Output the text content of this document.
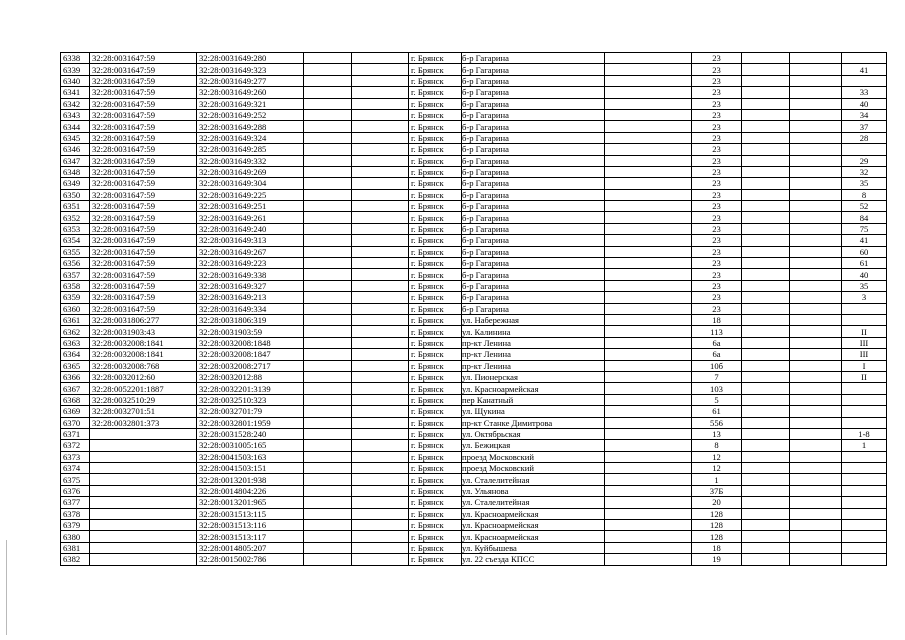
6338	32:28:0031647:59	32:28:0031649:280			г. Брянск	б-р Гагарина		23			
6339	32:28:0031647:59	32:28:0031649:323			г. Брянск	б-р Гагарина		23			41
6340	32:28:0031647:59	32:28:0031649:277			г. Брянск	б-р Гагарина		23			
6341	32:28:0031647:59	32:28:0031649:260			г. Брянск	б-р Гагарина		23			33
6342	32:28:0031647:59	32:28:0031649:321			г. Брянск	б-р Гагарина		23			40
6343	32:28:0031647:59	32:28:0031649:252			г. Брянск	б-р Гагарина		23			34
6344	32:28:0031647:59	32:28:0031649:288			г. Брянск	б-р Гагарина		23			37
6345	32:28:0031647:59	32:28:0031649:324			г. Брянск	б-р Гагарина		23			28
6346	32:28:0031647:59	32:28:0031649:285			г. Брянск	б-р Гагарина		23			
6347	32:28:0031647:59	32:28:0031649:332			г. Брянск	б-р Гагарина		23			29
6348	32:28:0031647:59	32:28:0031649:269			г. Брянск	б-р Гагарина		23			32
6349	32:28:0031647:59	32:28:0031649:304			г. Брянск	б-р Гагарина		23			35
6350	32:28:0031647:59	32:28:0031649:225			г. Брянск	б-р Гагарина		23			8
6351	32:28:0031647:59	32:28:0031649:251			г. Брянск	б-р Гагарина		23			52
6352	32:28:0031647:59	32:28:0031649:261			г. Брянск	б-р Гагарина		23			84
6353	32:28:0031647:59	32:28:0031649:240			г. Брянск	б-р Гагарина		23			75
6354	32:28:0031647:59	32:28:0031649:313			г. Брянск	б-р Гагарина		23			41
6355	32:28:0031647:59	32:28:0031649:267			г. Брянск	б-р Гагарина		23			60
6356	32:28:0031647:59	32:28:0031649:223			г. Брянск	б-р Гагарина		23			61
6357	32:28:0031647:59	32:28:0031649:338			г. Брянск	б-р Гагарина		23			40
6358	32:28:0031647:59	32:28:0031649:327			г. Брянск	б-р Гагарина		23			35
6359	32:28:0031647:59	32:28:0031649:213			г. Брянск	б-р Гагарина		23			3
6360	32:28:0031647:59	32:28:0031649:334			г. Брянск	б-р Гагарина		23			
6361	32:28:0031806:277	32:28:0031806:319			г. Брянск	ул. Набережная		18			
6362	32:28:0031903:43	32:28:0031903:59			г. Брянск	ул. Калинина		113			II
6363	32:28:0032008:1841	32:28:0032008:1848			г. Брянск	пр-кт Ленина		6а			III
6364	32:28:0032008:1841	32:28:0032008:1847			г. Брянск	пр-кт Ленина		6а			III
6365	32:28:0032008:768	32:28:0032008:2717			г. Брянск	пр-кт Ленина		10б			I
6366	32:28:0032012:60	32:28:0032012:88			г. Брянск	ул. Пионерская		7			II
6367	32:28:0052201:1887	32:28:0032201:3139			г. Брянск	ул. Красноармейская		103			
6368	32:28:0032510:29	32:28:0032510:323			г. Брянск	пер Канатный		5			
6369	32:28:0032701:51	32:28:0032701:79			г. Брянск	ул. Щукина		61			
6370	32:28:0032801:373	32:28:0032801:1959			г. Брянск	пр-кт Станке Димитрова		556			
6371		32:28:0031528:240			г. Брянск	ул. Октябрьская		13			1-8
6372		32:28:0031005:165			г. Брянск	ул. Бежицкая		8			1
6373		32:28:0041503:163			г. Брянск	проезд Московский		12			
6374		32:28:0041503:151			г. Брянск	проезд Московский		12			
6375		32:28:0013201:938			г. Брянск	ул. Сталелитейная		1			
6376		32:28:0014804:226			г. Брянск	ул. Ульянова		37Б			
6377		32:28:0013201:965			г. Брянск	ул. Сталелитейная		20			
6378		32:28:0031513:115			г. Брянск	ул. Красноармейская		128			
6379		32:28:0031513:116			г. Брянск	ул. Красноармейская		128			
6380		32:28:0031513:117			г. Брянск	ул. Красноармейская		128			
6381		32:28:0014805:207			г. Брянск	ул. Куйбышева		18			
6382		32:28:0015002:786			г. Брянск	ул. 22 съезда КПСС		19			
